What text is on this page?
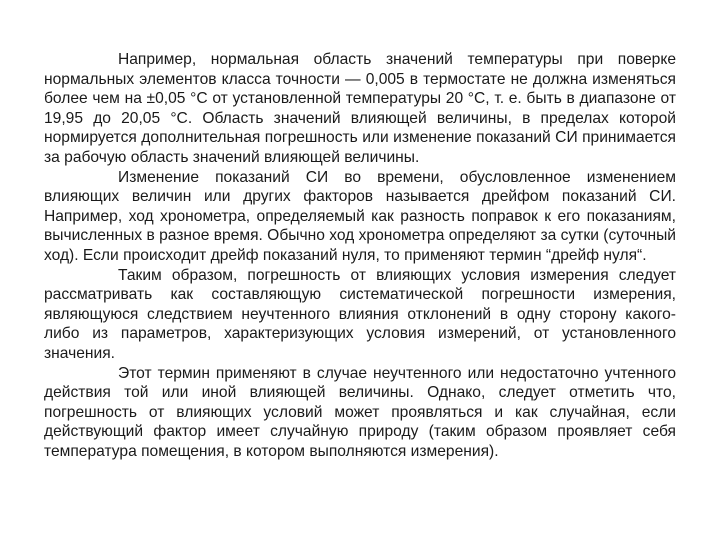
Например, нормальная область значений температуры при поверке нормальных элементов класса точности — 0,005 в термостате не должна изменяться более чем на ±0,05 °С от установленной температуры 20 °С, т. е. быть в диапазоне от 19,95 до 20,05 °С. Область значений влияющей величины, в пределах которой нормируется дополнительная погрешность или изменение показаний СИ принимается за рабочую область значений влияющей величины.

Изменение показаний СИ во времени, обусловленное изменением влияющих величин или других факторов называется дрейфом показаний СИ. Например, ход хронометра, определяемый как разность поправок к его показаниям, вычисленных в разное время. Обычно ход хронометра определяют за сутки (суточный ход). Если происходит дрейф показаний нуля, то применяют термин “дрейф нуля“.

Таким образом, погрешность от влияющих условия измерения следует рассматривать как составляющую систематической погрешности измерения, являющуюся следствием неучтенного влияния отклонений в одну сторону какого-либо из параметров, характеризующих условия измерений, от установленного значения.

Этот термин применяют в случае неучтенного или недостаточно учтенного действия той или иной влияющей величины. Однако, следует отметить что, погрешность от влияющих условий может проявляться и как случайная, если действующий фактор имеет случайную природу (таким образом проявляет себя температура помещения, в котором выполняются измерения).
